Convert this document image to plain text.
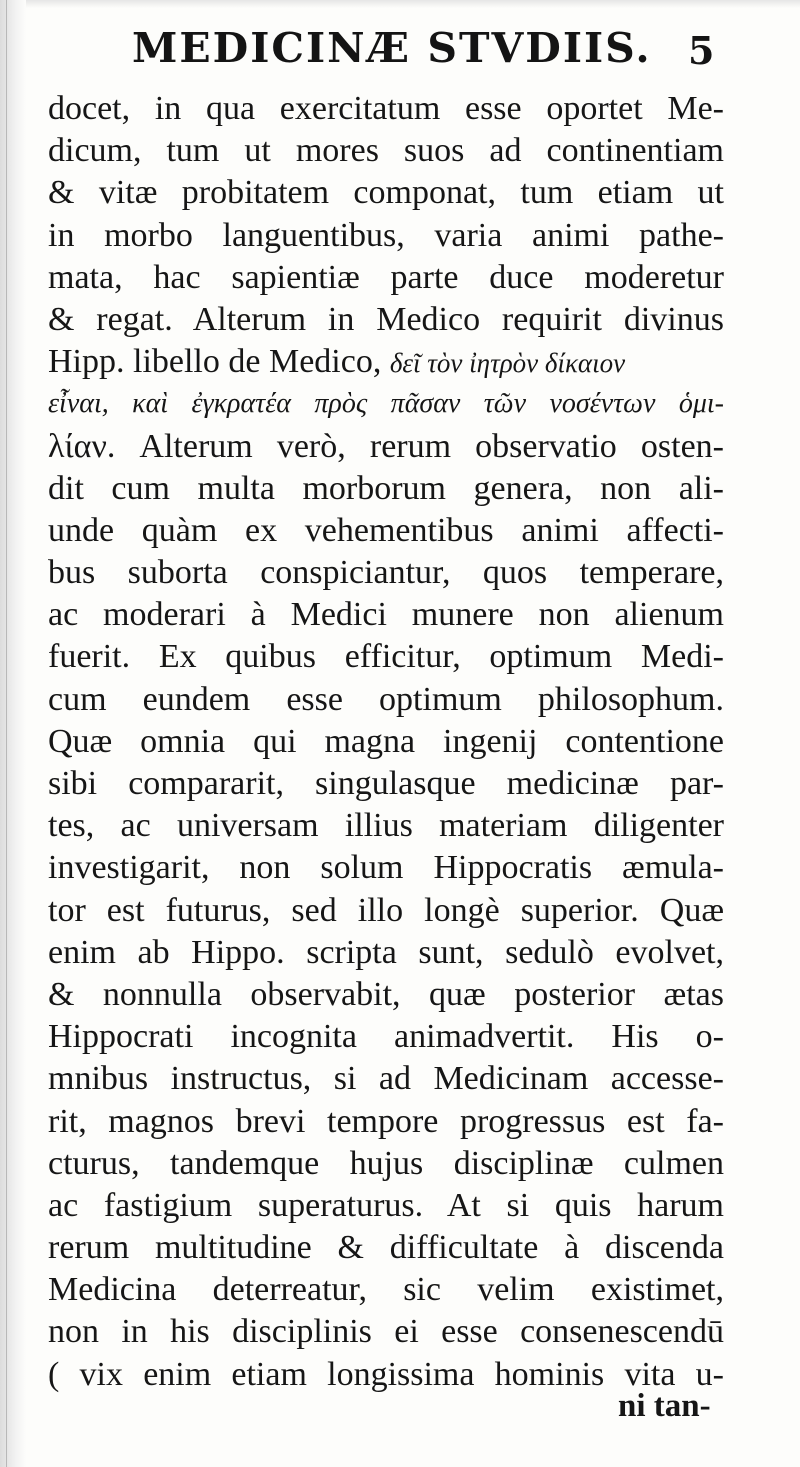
MEDICINÆ STVDIIS. 5
docet, in qua exercitatum esse oportet Me-
dicum, tum ut mores suos ad continentiam
& vitæ probitatem componat, tum etiam ut
in morbo languentibus, varia animi pathe-
mata, hac sapientiæ parte duce moderetur
& regat. Alterum in Medico requirit divinus
Hipp. libello de Medico, δεῖ τὸν ἰητρὸν δίκαιον
εἶναι, καὶ ἐγκρατέα πρὸς πᾶσαν τῶν νοσέντων ὁμι-
λίαν. Alterum verò, rerum observatio osten-
dit cum multa morborum genera, non ali-
unde quàm ex vehementibus animi affecti-
bus suborta conspiciantur, quos temperare,
ac moderari à Medici munere non alienum
fuerit. Ex quibus efficitur, optimum Medi-
cum eundem esse optimum philosophum.
Quæ omnia qui magna ingenij contentione
sibi compararit, singulasque medicinæ par-
tes, ac universam illius materiam diligenter
investigarit, non solum Hippocratis æmula-
tor est futurus, sed illo longè superior. Quæ
enim ab Hippo. scripta sunt, sedulò evolvet,
& nonnulla observabit, quæ posterior ætas
Hippocrati incognita animadvertit. His o-
mnibus instructus, si ad Medicinam accesse-
rit, magnos brevi tempore progressus est fa-
cturus, tandemque hujus disciplinæ culmen
ac fastigium superaturus. At si quis harum
rerum multitudine & difficultate à discenda
Medicina deterreatur, sic velim existimet,
non in his disciplinis ei esse consenescendū
( vix enim etiam longissima hominis vita u-
ni tan-
